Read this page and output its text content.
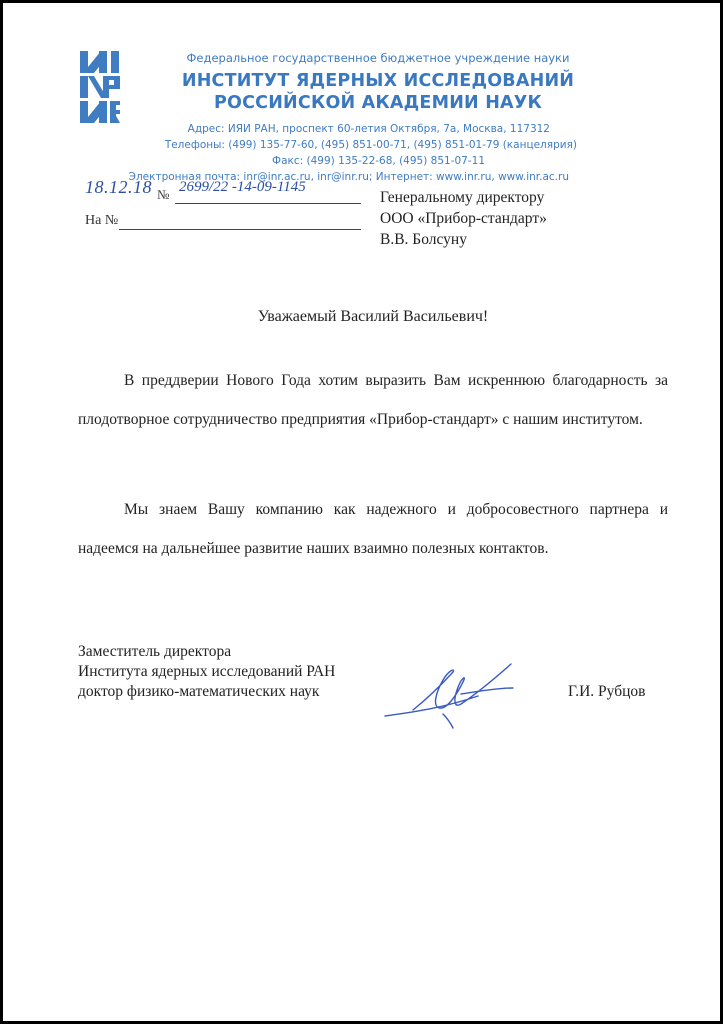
Федеральное государственное бюджетное учреждение науки
ИНСТИТУТ ЯДЕРНЫХ ИССЛЕДОВАНИЙ
РОССИЙСКОЙ АКАДЕМИИ НАУК
Адрес: ИЯИ РАН, проспект 60-летия Октября, 7а, Москва, 117312
Телефоны: (499) 135-77-60, (495) 851-00-71, (495) 851-01-79 (канцелярия)
Факс: (499) 135-22-68, (495) 851-07-11
Электронная почта: inr@inr.ac.ru, inr@inr.ru; Интернет: www.inr.ru, www.inr.ac.ru
18.12.18 № 2699/22 -14-09-1145
На №
Генеральному директору
ООО «Прибор-стандарт»
В.В. Болсуну
Уважаемый Василий Васильевич!
В преддверии Нового Года хотим выразить Вам искреннюю благодарность за плодотворное сотрудничество предприятия «Прибор-стандарт» с нашим институтом.
Мы знаем Вашу компанию как надежного и добросовестного партнера и надеемся на дальнейшее развитие наших взаимно полезных контактов.
Заместитель директора
Института ядерных исследований РАН
доктор физико-математических наук	Г.И. Рубцов
